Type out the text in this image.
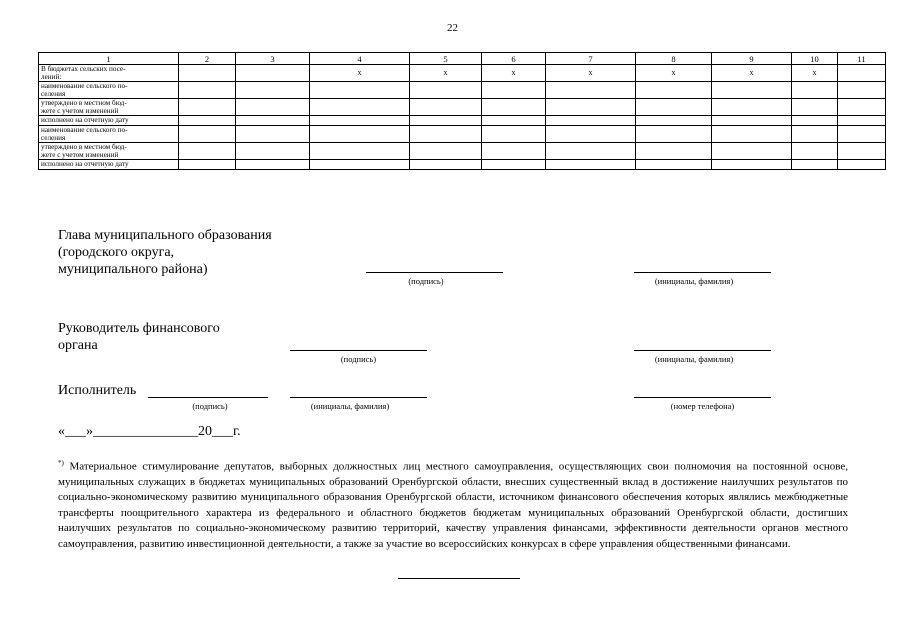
22
1	2	3	4	5	6	7	8	9	10	11
В бюджетах сельских посе-
лений:			x	x	x	x	x	x	x	
наименование сельского по-
селения										
утверждено в местном бюд-
жете с учетом изменений										
исполнено на отчетную дату										
наименование сельского по-
селения										
утверждено в местном бюд-
жете с учетом изменений										
исполнено на отчетную дату										
Глава муниципального образования
(городского округа,
муниципального района)
(подпись)	(инициалы, фамилия)
Руководитель финансового
органа
(подпись)	(инициалы, фамилия)
Исполнитель
(подпись)	(инициалы, фамилия)	(номер телефона)
«___»_______________20___г.
*) Материальное стимулирование депутатов, выборных должностных лиц местного самоуправления, осуществляющих свои полномочия на постоянной основе, муниципальных служащих в бюджетах муниципальных образований Оренбургской области, внесших существенный вклад в достижение наилучших результатов по социально-экономическому развитию муниципального образования Оренбургской области, источником финансового обеспечения которых являлись межбюджетные трансферты поощрительного характера из федерального и областного бюджетов бюджетам муниципальных образований Оренбургской области, достигших наилучших результатов по социально-экономическому развитию территорий, качеству управления финансами, эффективности деятельности органов местного самоуправления, развитию инвестиционной деятельности, а также за участие во всероссийских конкурсах в сфере управления общественными финансами.
